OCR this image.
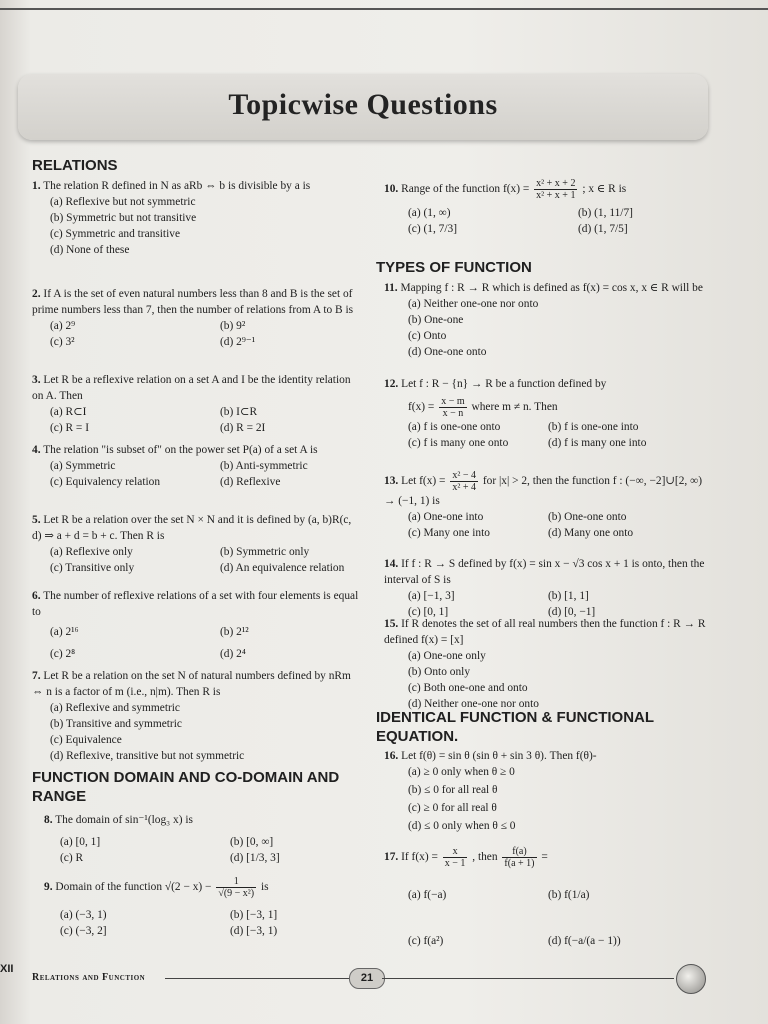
Topicwise Questions
RELATIONS
1. The relation R defined in N as aRb ⇔ b is divisible by a is
(a) Reflexive but not symmetric
(b) Symmetric but not transitive
(c) Symmetric and transitive
(d) None of these
2. If A is the set of even natural numbers less than 8 and B is the set of prime numbers less than 7, then the number of relations from A to B is
(a) 2⁹	(b) 9²
(c) 3²	(d) 2⁹⁻¹
3. Let R be a reflexive relation on a set A and I be the identity relation on A. Then
(a) R⊂I	(b) I⊂R
(c) R = I	(d) R = 2I
4. The relation "is subset of" on the power set P(a) of a set A is
(a) Symmetric	(b) Anti-symmetric
(c) Equivalency relation	(d) Reflexive
5. Let R be a relation over the set N × N and it is defined by (a, b)R(c, d) ⇒ a + d = b + c. Then R is
(a) Reflexive only	(b) Symmetric only
(c) Transitive only	(d) An equivalence relation
6. The number of reflexive relations of a set with four elements is equal to
(a) 2¹⁶	(b) 2¹²
(c) 2⁸	(d) 2⁴
7. Let R be a relation on the set N of natural numbers defined by nRm ⇔ n is a factor of m (i.e., n|m). Then R is
(a) Reflexive and symmetric
(b) Transitive and symmetric
(c) Equivalence
(d) Reflexive, transitive but not symmetric
FUNCTION DOMAIN AND CO-DOMAIN AND RANGE
8. The domain of sin⁻¹(log₃ x) is
(a) [0, 1]	(b) [0, ∞]
(c) R	(d) [1/3, 3]
9. Domain of the function $√(2 - x) - \frac{1}{\text{√(9 − x²)}}$ is
(a) (−3, 1)	(b) [−3, 1]
(c) (−3, 2]	(d) [−3, 1)
10. Range of the function $f(x) = \frac{\text{x² + x + 2}}{\text{x² + x + 1}}$ ; x ∈ R is
(a) (1, ∞)	(b) (1, 11/7]
(c) (1, 7/3]	(d) (1, 7/5]
TYPES OF FUNCTION
11. Mapping f : R → R which is defined as f(x) = cos x, x ∈ R will be
(a) Neither one-one nor onto
(b) One-one
(c) Onto
(d) One-one onto
12. Let f : R − {n} → R be a function defined by
$f(x) = \frac{x - m}{x - n}$ where m ≠ n. Then
(a) f is one-one onto	(b) f is one-one into
(c) f is many one onto	(d) f is many one into
13. Let $f(x) = \frac{\text{x² − 4}}{\text{x² + 4}}$ for |x| > 2, then the function f : (−∞, −2]∪[2, ∞) → (−1, 1) is
(a) One-one into	(b) One-one onto
(c) Many one into	(d) Many one onto
14. If f : R → S defined by f(x) = sin x − √3 cos x + 1 is onto, then the interval of S is
(a) [−1, 3]	(b) [1, 1]
(c) [0, 1]	(d) [0, −1]
15. If R denotes the set of all real numbers then the function f : R → R defined f(x) = [x]
(a) One-one only
(b) Onto only
(c) Both one-one and onto
(d) Neither one-one nor onto
IDENTICAL FUNCTION & FUNCTIONAL EQUATION.
16. Let f(θ) = sin θ (sin θ + sin 3 θ). Then f(θ)-
(a) ≥ 0 only when θ ≥ 0
(b) ≤ 0 for all real θ
(c) ≥ 0 for all real θ
(d) ≤ 0 only when θ ≤ 0
17. If $f(x) = \frac{x}{x - 1}$ , then $\frac{f(a)}{f(a + 1)}$ =
(a) f(−a)	(b) f(1/a)
(c) f(a²)	(d) f(−a/(a − 1))
XII
Relations and Function	21
